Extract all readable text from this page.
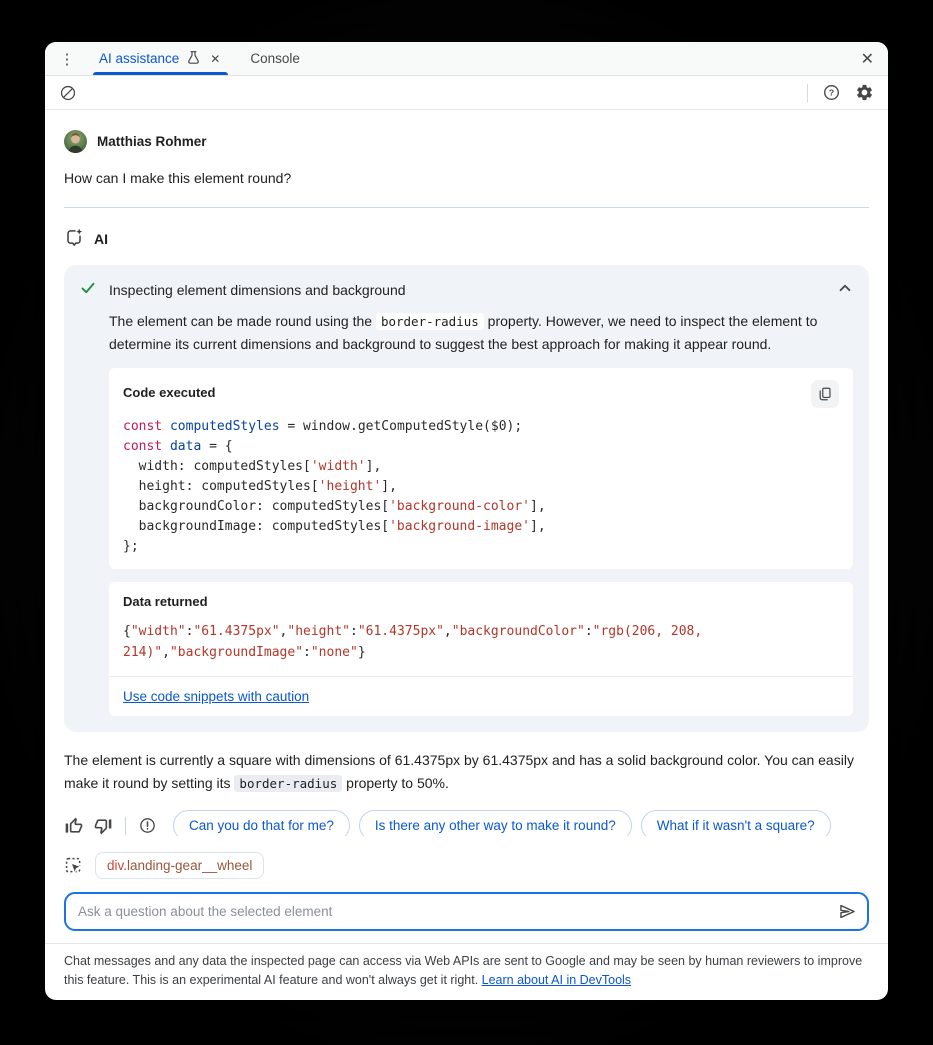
⋮ AI assistance	✕ Console	✕
?
Matthias Rohmer
How can I make this element round?
AI
Inspecting element dimensions and background
The element can be made round using the border-radius property. However, we need to inspect the element to determine its current dimensions and background to suggest the best approach for making it appear round.
Code executed
const computedStyles = window.getComputedStyle($0);
const data = {
width: computedStyles['width'],
height: computedStyles['height'],
backgroundColor: computedStyles['background-color'],
backgroundImage: computedStyles['background-image'],
};
Data returned
{"width":"61.4375px","height":"61.4375px","backgroundColor":"rgb(206, 208, 214)","backgroundImage":"none"}
Use code snippets with caution
The element is currently a square with dimensions of 61.4375px by 61.4375px and has a solid background color. You can easily make it round by setting its border-radius property to 50%.
Can you do that for me?	Is there any other way to make it round?	What if it wasn't a square?
div.landing-gear__wheel
Ask a question about the selected element
Chat messages and any data the inspected page can access via Web APIs are sent to Google and may be seen by human reviewers to improve this feature. This is an experimental AI feature and won't always get it right. Learn about AI in DevTools
